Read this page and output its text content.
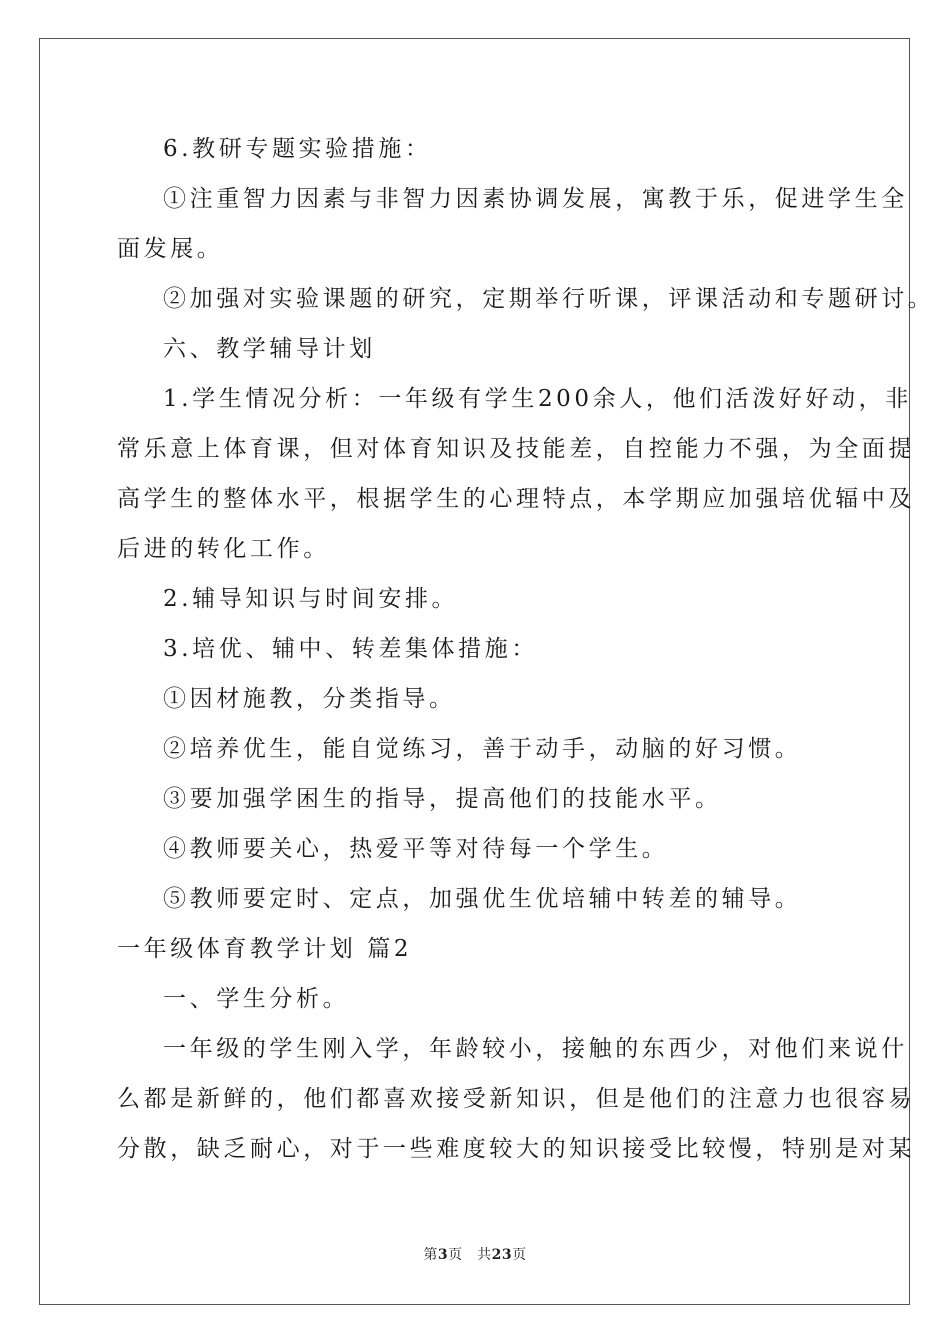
6.教研专题实验措施：
①注重智力因素与非智力因素协调发展，寓教于乐，促进学生全
面发展。
②加强对实验课题的研究，定期举行听课，评课活动和专题研讨。
六、教学辅导计划
1.学生情况分析：一年级有学生200余人，他们活泼好好动，非
常乐意上体育课，但对体育知识及技能差，自控能力不强，为全面提
高学生的整体水平，根据学生的心理特点，本学期应加强培优辐中及
后进的转化工作。
2.辅导知识与时间安排。
3.培优、辅中、转差集体措施：
①因材施教，分类指导。
②培养优生，能自觉练习，善于动手，动脑的好习惯。
③要加强学困生的指导，提高他们的技能水平。
④教师要关心，热爱平等对待每一个学生。
⑤教师要定时、定点，加强优生优培辅中转差的辅导。
一年级体育教学计划 篇2
一、学生分析。
一年级的学生刚入学，年龄较小，接触的东西少，对他们来说什
么都是新鲜的，他们都喜欢接受新知识，但是他们的注意力也很容易
分散，缺乏耐心，对于一些难度较大的知识接受比较慢，特别是对某
第3页　共23页
